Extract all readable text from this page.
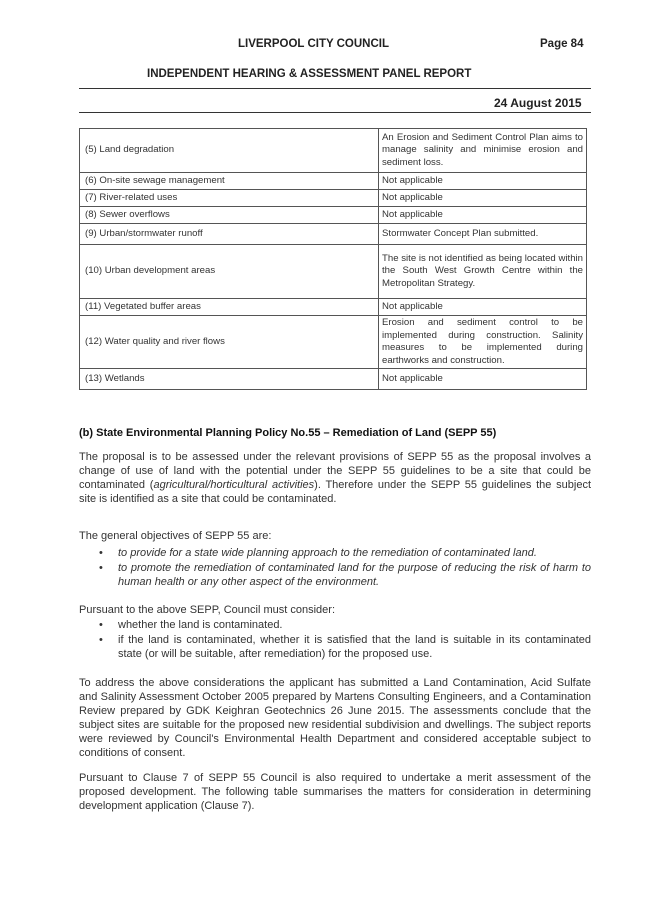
LIVERPOOL CITY COUNCIL	Page 84
INDEPENDENT HEARING & ASSESSMENT PANEL REPORT
24 August 2015
(5) Land degradation	An Erosion and Sediment Control Plan aims to manage salinity and minimise erosion and sediment loss.
(6) On-site sewage management	Not applicable
(7) River-related uses	Not applicable
(8) Sewer overflows	Not applicable
(9) Urban/stormwater runoff	Stormwater Concept Plan submitted.
(10) Urban development areas	The site is not identified as being located within the South West Growth Centre within the Metropolitan Strategy.
(11) Vegetated buffer areas	Not applicable
(12) Water quality and river flows	Erosion and sediment control to be implemented during construction. Salinity measures to be implemented during earthworks and construction.
(13) Wetlands	Not applicable

(b) State Environmental Planning Policy No.55 – Remediation of Land (SEPP 55)

The proposal is to be assessed under the relevant provisions of SEPP 55 as the proposal involves a change of use of land with the potential under the SEPP 55 guidelines to be a site that could be contaminated (agricultural/horticultural activities). Therefore under the SEPP 55 guidelines the subject site is identified as a site that could be contaminated.

The general objectives of SEPP 55 are:

• to provide for a state wide planning approach to the remediation of contaminated land.
• to promote the remediation of contaminated land for the purpose of reducing the risk of harm to human health or any other aspect of the environment.

Pursuant to the above SEPP, Council must consider:

• whether the land is contaminated.
• if the land is contaminated, whether it is satisfied that the land is suitable in its contaminated state (or will be suitable, after remediation) for the proposed use.

To address the above considerations the applicant has submitted a Land Contamination, Acid Sulfate and Salinity Assessment October 2005 prepared by Martens Consulting Engineers, and a Contamination Review prepared by GDK Keighran Geotechnics 26 June 2015. The assessments conclude that the subject sites are suitable for the proposed new residential subdivision and dwellings. The subject reports were reviewed by Council's Environmental Health Department and considered acceptable subject to conditions of consent.

Pursuant to Clause 7 of SEPP 55 Council is also required to undertake a merit assessment of the proposed development. The following table summarises the matters for consideration in determining development application (Clause 7).
